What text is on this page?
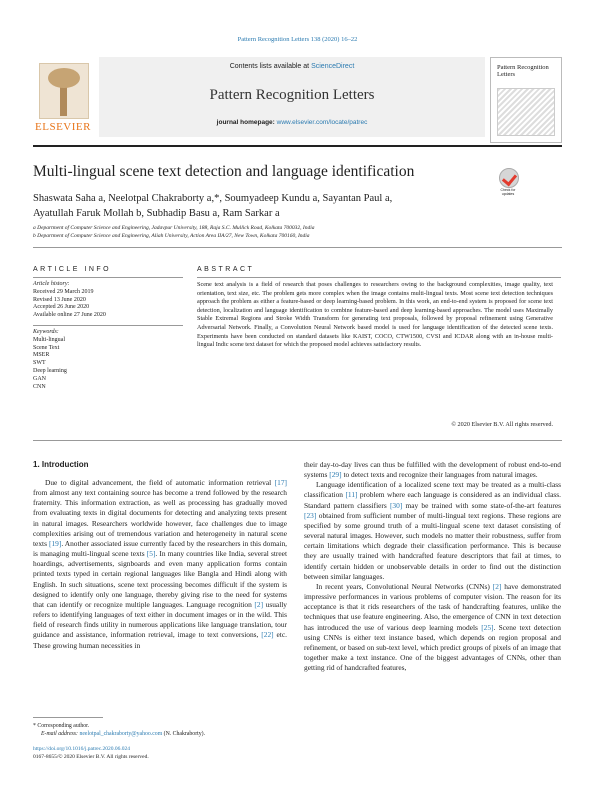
Pattern Recognition Letters 138 (2020) 16–22
ELSEVIER
Contents lists available at ScienceDirect
Pattern Recognition Letters
journal homepage: www.elsevier.com/locate/patrec
Pattern Recognition Letters
Multi-lingual scene text detection and language identification
Check for updates
Shaswata Saha a, Neelotpal Chakraborty a,*, Soumyadeep Kundu a, Sayantan Paul a,
Ayatullah Faruk Mollah b, Subhadip Basu a, Ram Sarkar a
a Department of Computer Science and Engineering, Jadavpur University, 188, Raja S.C. Mullick Road, Kolkata 700032, India
b Department of Computer Science and Engineering, Aliah University, Action Area IIA/27, New Town, Kolkata 700160, India
ARTICLE INFO	ABSTRACT
Article history:
Received 29 March 2019
Revised 13 June 2020
Accepted 26 June 2020
Available online 27 June 2020
Keywords:
Multi-lingual
Scene Text
MSER
SWT
Deep learning
GAN
CNN
Scene text analysis is a field of research that poses challenges to researchers owing to the background complexities, image quality, text orientation, text size, etc. The problem gets more complex when the image contains multi-lingual texts. Most scene text detection techniques approach the problem as either a feature-based or deep learning-based problem. In this work, an end-to-end system is proposed for scene text detection, localization and language identification to combine feature-based and deep learning-based approaches. The model uses Maximally Stable Extremal Regions and Stroke Width Transform for generating text proposals, followed by proposal refinement using Generative Adversarial Network. Finally, a Convolution Neural Network based model is used for language identification of the detected scene texts. Experiments have been conducted on standard datasets like KAIST, COCO, CTW1500, CVSI and ICDAR along with an in-house multi-lingual Indic scene text dataset for which the proposed model achieves satisfactory results.
© 2020 Elsevier B.V. All rights reserved.
1. Introduction

Due to digital advancement, the field of automatic information retrieval [17] from almost any text containing source has become a trend followed by the research fraternity. This information extraction, as well as processing has gradually moved from evaluating texts in digital documents for detecting and analyzing texts present in natural images. Researchers worldwide however, face challenges due to image complexities arising out of tremendous variation and heterogeneity in natural scene texts [19]. Another associated issue currently faced by the researchers in this domain, is managing multi-lingual scene texts [5]. In many countries like India, several street hoardings, advertisements, signboards and even many application forms contain printed texts typed in certain regional languages like Bangla and Hindi along with English. In such situations, scene text processing becomes difficult if the system is designed to identify only one language, thereby giving rise to the need for systems that can identify or recognize multiple languages. Language recognition [2] usually refers to identifying languages of text either in document images or in the wild. This field of research finds utility in numerous applications like language translation, tour guidance and assistance, information retrieval, image to text conversions, [22] etc. These growing human necessities in

their day-to-day lives can thus be fulfilled with the development of robust end-to-end systems [29] to detect texts and recognize their languages from natural images.

Language identification of a localized scene text may be treated as a multi-class classification [11] problem where each language is considered as an individual class. Standard pattern classifiers [30] may be trained with some state-of-the-art features [23] obtained from sufficient number of multi-lingual text regions. These regions are specified by some ground truth of a multi-lingual scene text dataset consisting of several natural images. However, such models no matter their robustness, suffer from certain limitations which degrade their classification performance. This is because they are usually trained with handcrafted feature descriptors that fail at times, to identify certain hidden or unobservable details in order to find out the distinction between similar languages.

In recent years, Convolutional Neural Networks (CNNs) [2] have demonstrated impressive performances in various problems of computer vision. The reason for its acceptance is that it rids researchers of the task of handcrafting features, unlike the techniques that use feature engineering. Also, the emergence of CNN in text detection has introduced the use of various deep learning models [25]. Scene text detection using CNNs is either text instance based, which depends on region proposal and refinement, or based on sub-text level, which predict groups of pixels of an image that together make a text instance. One of the biggest advantages of CNNs, other than getting rid of handcrafted features,

* Corresponding author.
E-mail address: neelotpal_chakraborty@yahoo.com (N. Chakraborty).
https://doi.org/10.1016/j.patrec.2020.06.024
0167-8655/© 2020 Elsevier B.V. All rights reserved.
